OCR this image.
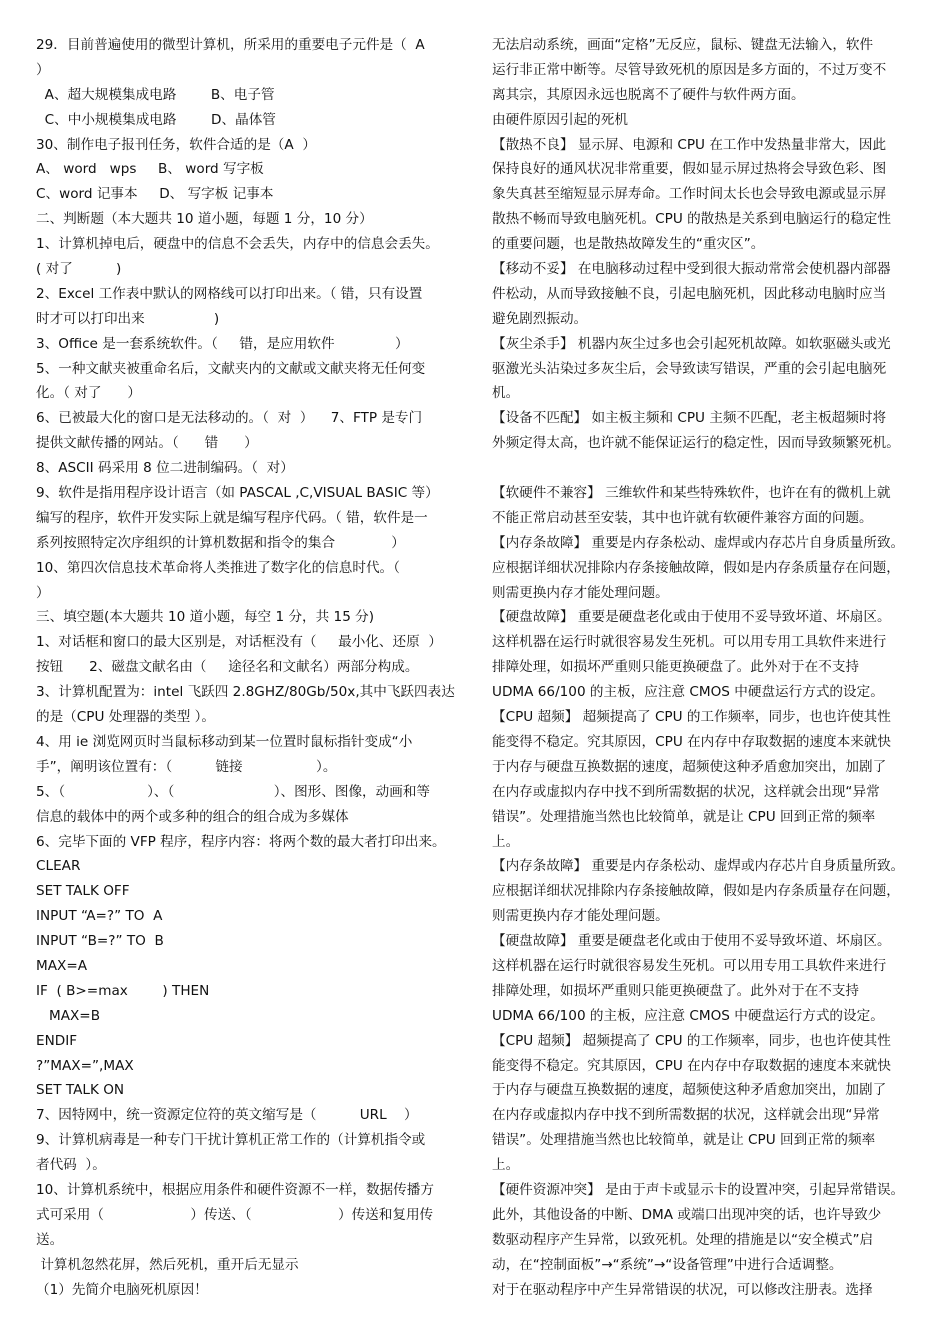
29．目前普遍使用的微型计算机，所采用的重要电子元件是（  A
）
A、超大规模集成电路        B、电子管
C、中小规模集成电路        D、晶体管
30、制作电子报刊任务，软件合适的是（A  ）
A、 word   wps     B、 word 写字板
C、word 记事本     D、 写字板 记事本
二、判断题（本大题共 10 道小题，每题 1 分，10 分）
1、计算机掉电后，硬盘中的信息不会丢失，内存中的信息会丢失。
( 对了          )
2、Excel 工作表中默认的网格线可以打印出来。（ 错，只有设置
时才可以打印出来                )
3、Office 是一套系统软件。（     错，是应用软件              ）
5、一种文献夹被重命名后，文献夹内的文献或文献夹将无任何变
化。（ 对了      ）
6、已被最大化的窗口是无法移动的。（  对  ）    7、FTP 是专门
提供文献传播的网站。（      错      ）
8、ASCII 码采用 8 位二进制编码。（  对）
9、软件是指用程序设计语言（如 PASCAL ,C,VISUAL BASIC 等）
编写的程序，软件开发实际上就是编写程序代码。（ 错，软件是一
系列按照特定次序组织的计算机数据和指令的集合             ）
10、第四次信息技术革命将人类推进了数字化的信息时代。（
）
三、填空题(本大题共 10 道小题，每空 1 分，共 15 分)
1、对话框和窗口的最大区别是，对话框没有（     最小化、还原  ）
按钮      2、磁盘文献名由（     途径名和文献名）两部分构成。
3、计算机配置为：intel 飞跃四 2.8GHZ/80Gb/50x,其中飞跃四表达
的是（CPU 处理器的类型 ）。
4、用 ie 浏览网页时当鼠标移动到某一位置时鼠标指针变成“小
手”，阐明该位置有：（          链接                 ）。
5、（                   ）、（                       ）、图形、图像，动画和等
信息的载体中的两个或多种的组合的组合成为多媒体
6、完毕下面的 VFP 程序，程序内容：将两个数的最大者打印出来。
CLEAR
SET TALK OFF
INPUT “A=?” TO  A
INPUT “B=?” TO  B
MAX=A
IF  ( B>=max        ) THEN
MAX=B
ENDIF
?”MAX=”,MAX
SET TALK ON
7、因特网中，统一资源定位符的英文缩写是（          URL    ）
9、计算机病毒是一种专门干扰计算机正常工作的（计算机指令或
者代码  ）。
10、计算机系统中，根据应用条件和硬件资源不一样，数据传播方
式可采用（                    ）传送、（                    ）传送和复用传
送。
计算机忽然花屏，然后死机，重开后无显示
（1）先简介电脑死机原因！
无法启动系统，画面“定格”无反应，鼠标、键盘无法输入，软件
运行非正常中断等。尽管导致死机的原因是多方面的，不过万变不
离其宗，其原因永远也脱离不了硬件与软件两方面。
由硬件原因引起的死机
【散热不良】 显示屏、电源和 CPU 在工作中发热量非常大，因此
保持良好的通风状况非常重要，假如显示屏过热将会导致色彩、图
象失真甚至缩短显示屏寿命。工作时间太长也会导致电源或显示屏
散热不畅而导致电脑死机。CPU 的散热是关系到电脑运行的稳定性
的重要问题，也是散热故障发生的“重灾区”。
【移动不妥】 在电脑移动过程中受到很大振动常常会使机器内部器
件松动，从而导致接触不良，引起电脑死机，因此移动电脑时应当
避免剧烈振动。
【灰尘杀手】 机器内灰尘过多也会引起死机故障。如软驱磁头或光
驱激光头沾染过多灰尘后，会导致读写错误，严重的会引起电脑死
机。
【设备不匹配】 如主板主频和 CPU 主频不匹配，老主板超频时将
外频定得太高，也许就不能保证运行的稳定性，因而导致频繁死机。
【软硬件不兼容】 三维软件和某些特殊软件，也许在有的微机上就
不能正常启动甚至安装，其中也许就有软硬件兼容方面的问题。
【内存条故障】 重要是内存条松动、虚焊或内存芯片自身质量所致。
应根据详细状况排除内存条接触故障，假如是内存条质量存在问题，
则需更换内存才能处理问题。
【硬盘故障】 重要是硬盘老化或由于使用不妥导致坏道、坏扇区。
这样机器在运行时就很容易发生死机。可以用专用工具软件来进行
排障处理，如损坏严重则只能更换硬盘了。此外对于在不支持
UDMA 66/100 的主板，应注意 CMOS 中硬盘运行方式的设定。
【CPU 超频】 超频提高了 CPU 的工作频率，同步，也也许使其性
能变得不稳定。究其原因，CPU 在内存中存取数据的速度本来就快
于内存与硬盘互换数据的速度，超频使这种矛盾愈加突出，加剧了
在内存或虚拟内存中找不到所需数据的状况，这样就会出现“异常
错误”。处理措施当然也比较简单，就是让 CPU 回到正常的频率
上。
【内存条故障】 重要是内存条松动、虚焊或内存芯片自身质量所致。
应根据详细状况排除内存条接触故障，假如是内存条质量存在问题，
则需更换内存才能处理问题。
【硬盘故障】 重要是硬盘老化或由于使用不妥导致坏道、坏扇区。
这样机器在运行时就很容易发生死机。可以用专用工具软件来进行
排障处理，如损坏严重则只能更换硬盘了。此外对于在不支持
UDMA 66/100 的主板，应注意 CMOS 中硬盘运行方式的设定。
【CPU 超频】 超频提高了 CPU 的工作频率，同步，也也许使其性
能变得不稳定。究其原因，CPU 在内存中存取数据的速度本来就快
于内存与硬盘互换数据的速度，超频使这种矛盾愈加突出，加剧了
在内存或虚拟内存中找不到所需数据的状况，这样就会出现“异常
错误”。处理措施当然也比较简单，就是让 CPU 回到正常的频率
上。
【硬件资源冲突】 是由于声卡或显示卡的设置冲突，引起异常错误。
此外，其他设备的中断、DMA 或端口出现冲突的话，也许导致少
数驱动程序产生异常，以致死机。处理的措施是以“安全模式”启
动，在“控制面板”→“系统”→“设备管理”中进行合适调整。
对于在驱动程序中产生异常错误的状况，可以修改注册表。选择
